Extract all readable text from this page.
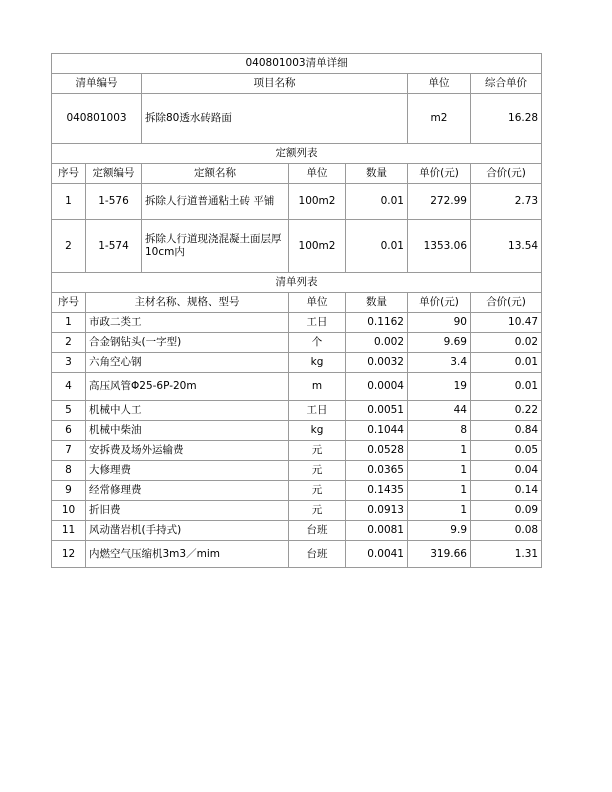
040801003清单详细						
清单编号		项目名称			单位	综合单价
040801003		拆除80透水砖路面			m2	16.28
定额列表						
序号	定额编号	定额名称	单位	数量	单价(元)	合价(元)
1	1-576	拆除人行道普通粘土砖 平铺	100m2	0.01	272.99	2.73
2	1-574	拆除人行道现浇混凝土面层厚10cm内	100m2	0.01	1353.06	13.54
清单列表						
序号	主材名称、规格、型号		单位	数量	单价(元)	合价(元)
1	市政二类工		工日	0.1162	90	10.47
2	合金钢钻头(一字型)		个	0.002	9.69	0.02
3	六角空心钢		kg	0.0032	3.4	0.01
4	高压风管Φ25-6P-20m		m	0.0004	19	0.01
5	机械中人工		工日	0.0051	44	0.22
6	机械中柴油		kg	0.1044	8	0.84
7	安拆费及场外运输费		元	0.0528	1	0.05
8	大修理费		元	0.0365	1	0.04
9	经常修理费		元	0.1435	1	0.14
10	折旧费		元	0.0913	1	0.09
11	风动凿岩机(手持式)		台班	0.0081	9.9	0.08
12	内燃空气压缩机3m3／mim		台班	0.0041	319.66	1.31
